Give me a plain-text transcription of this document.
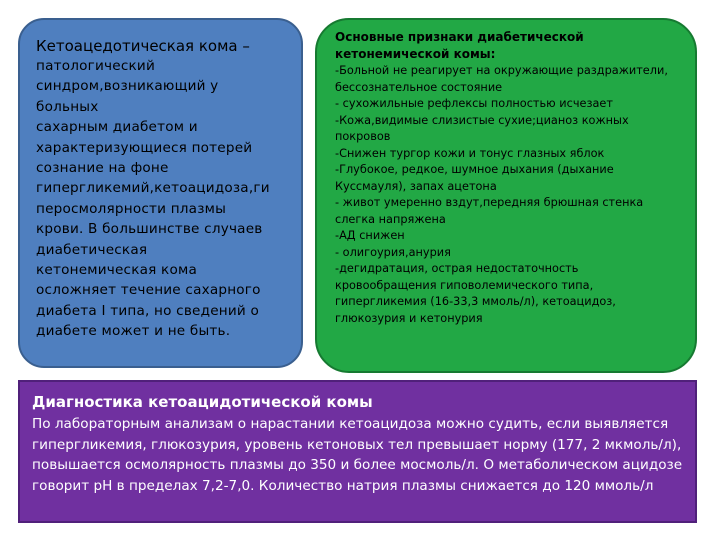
Кетоацедотическая кома –
патологический
синдром,возникающий у
больных
сахарным диабетом и
характеризующиеся потерей
сознание на фоне
гипергликемий,кетоацидоза,ги
перосмолярности плазмы
крови. В большинстве случаев
диабетическая
кетонемическая кома
осложняет течение сахарного
диабета I типа, но сведений о
диабете может и не быть.
Основные признаки диабетической
кетонемической комы:
-Больной не реагирует на окружающие раздражители, бессознательное состояние
- сухожильные рефлексы полностью исчезает
-Кожа,видимые слизистые сухие;цианоз кожных покровов
-Снижен тургор кожи и тонус глазных яблок
-Глубокое, редкое, шумное дыхания (дыхание Куссмауля), запах ацетона
- живот умеренно вздут,передняя брюшная стенка слегка напряжена
-АД снижен
- олигоурия,анурия
-дегидратация, острая недостаточность кровообращения гиповолемического типа, гипергликемия (16-33,3 ммоль/л), кетоацидоз, глюкозурия и кетонурия
Диагностика кетоацидотической комы
По лабораторным анализам о нарастании кетоацидоза можно судить, если выявляется гипергликемия, глюкозурия, уровень кетоновых тел превышает норму (177, 2 мкмоль/л), повышается осмолярность плазмы до 350 и более мосмоль/л. О метаболическом ацидозе говорит рН в пределах 7,2-7,0. Количество натрия плазмы снижается до 120 ммоль/л
